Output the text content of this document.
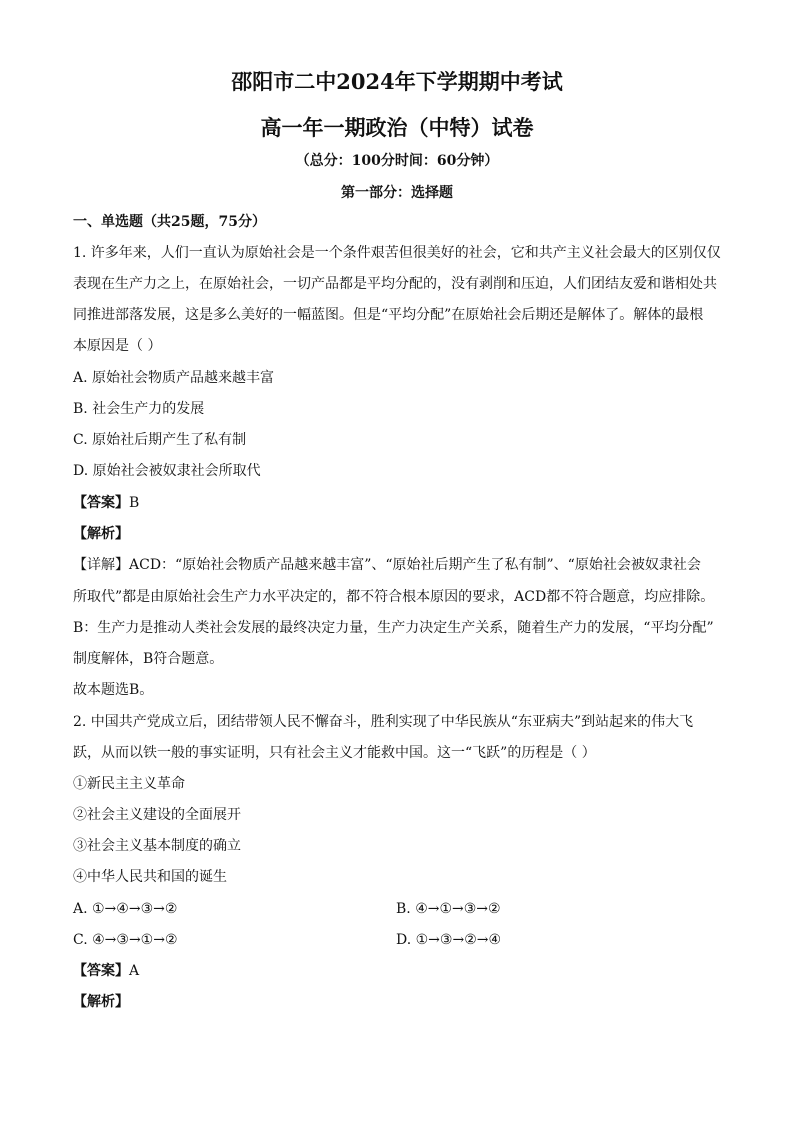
邵阳市二中2024年下学期期中考试
高一年一期政治（中特）试卷
（总分：100分时间：60分钟）
第一部分：选择题
一、单选题（共25题，75分）
1. 许多年来，人们一直认为原始社会是一个条件艰苦但很美好的社会，它和共产主义社会最大的区别仅仅
表现在生产力之上，在原始社会，一切产品都是平均分配的，没有剥削和压迫，人们团结友爱和谐相处共
同推进部落发展，这是多么美好的一幅蓝图。但是“平均分配”在原始社会后期还是解体了。解体的最根
本原因是（ ）
A. 原始社会物质产品越来越丰富
B. 社会生产力的发展
C. 原始社后期产生了私有制
D. 原始社会被奴隶社会所取代
【答案】B
【解析】
【详解】ACD：“原始社会物质产品越来越丰富”、“原始社后期产生了私有制”、“原始社会被奴隶社会
所取代”都是由原始社会生产力水平决定的，都不符合根本原因的要求，ACD都不符合题意，均应排除。
B：生产力是推动人类社会发展的最终决定力量，生产力决定生产关系，随着生产力的发展，“平均分配”
制度解体，B符合题意。
故本题选B。
2. 中国共产党成立后，团结带领人民不懈奋斗，胜利实现了中华民族从“东亚病夫”到站起来的伟大飞
跃，从而以铁一般的事实证明，只有社会主义才能救中国。这一“飞跃”的历程是（ ）
①新民主主义革命
②社会主义建设的全面展开
③社会主义基本制度的确立
④中华人民共和国的诞生
A. ①→④→③→②	B. ④→①→③→②
C. ④→③→①→②	D. ①→③→②→④
【答案】A
【解析】
